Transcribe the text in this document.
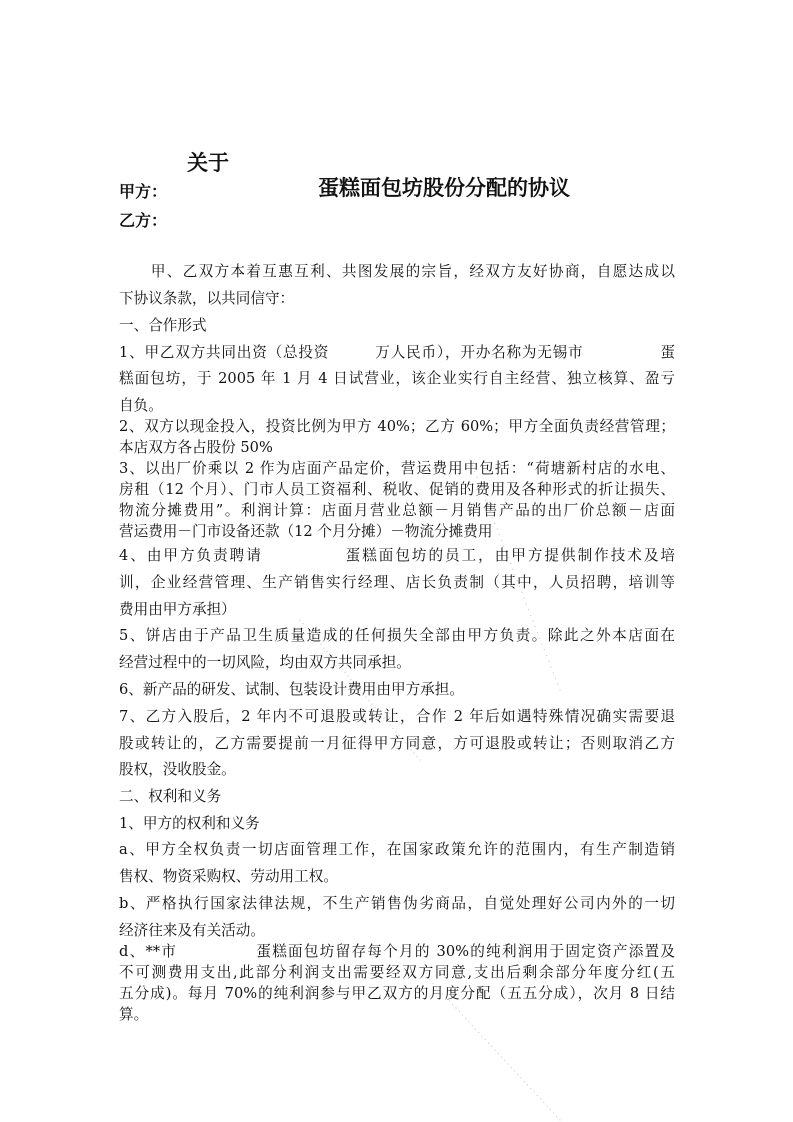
关于

蛋糕面包坊股份分配的协议

甲方：
乙方：
　　甲、乙双方本着互惠互利、共图发展的宗旨，经双方友好协商，自愿达成以
下协议条款，以共同信守：
一、合作形式
1、甲乙双方共同出资（总投资　　　万人民币），开办名称为无锡市　　　　　蛋
糕面包坊，于 2005 年 1 月 4 日试营业，该企业实行自主经营、独立核算、盈亏
自负。
2、双方以现金投入，投资比例为甲方 40%；乙方 60%；甲方全面负责经营管理；
本店双方各占股份 50%
3、以出厂价乘以 2 作为店面产品定价，营运费用中包括：“荷塘新村店的水电、
房租（12 个月）、门市人员工资福利、税收、促销的费用及各种形式的折让损失、
物流分摊费用”。利润计算：店面月营业总额－月销售产品的出厂价总额－店面
营运费用－门市设备还款（12 个月分摊）－物流分摊费用
4、由甲方负责聘请　　　　　蛋糕面包坊的员工，由甲方提供制作技术及培
训，企业经营管理、生产销售实行经理、店长负责制（其中，人员招聘，培训等
费用由甲方承担）
5、饼店由于产品卫生质量造成的任何损失全部由甲方负责。除此之外本店面在
经营过程中的一切风险，均由双方共同承担。
6、新产品的研发、试制、包装设计费用由甲方承担。
7、乙方入股后，2 年内不可退股或转让，合作 2 年后如遇特殊情况确实需要退
股或转让的，乙方需要提前一月征得甲方同意，方可退股或转让；否则取消乙方
股权，没收股金。
二、权利和义务
1、甲方的权利和义务
a、甲方全权负责一切店面管理工作，在国家政策允许的范围内，有生产制造销
售权、物资采购权、劳动用工权。
b、严格执行国家法律法规，不生产销售伪劣商品，自觉处理好公司内外的一切
经济往来及有关活动。
d、**市　　　　　蛋糕面包坊留存每个月的 30%的纯利润用于固定资产添置及
不可测费用支出,此部分利润支出需要经双方同意,支出后剩余部分年度分红(五
五分成)。每月 70%的纯利润参与甲乙双方的月度分配（五五分成），次月 8 日结
算。
